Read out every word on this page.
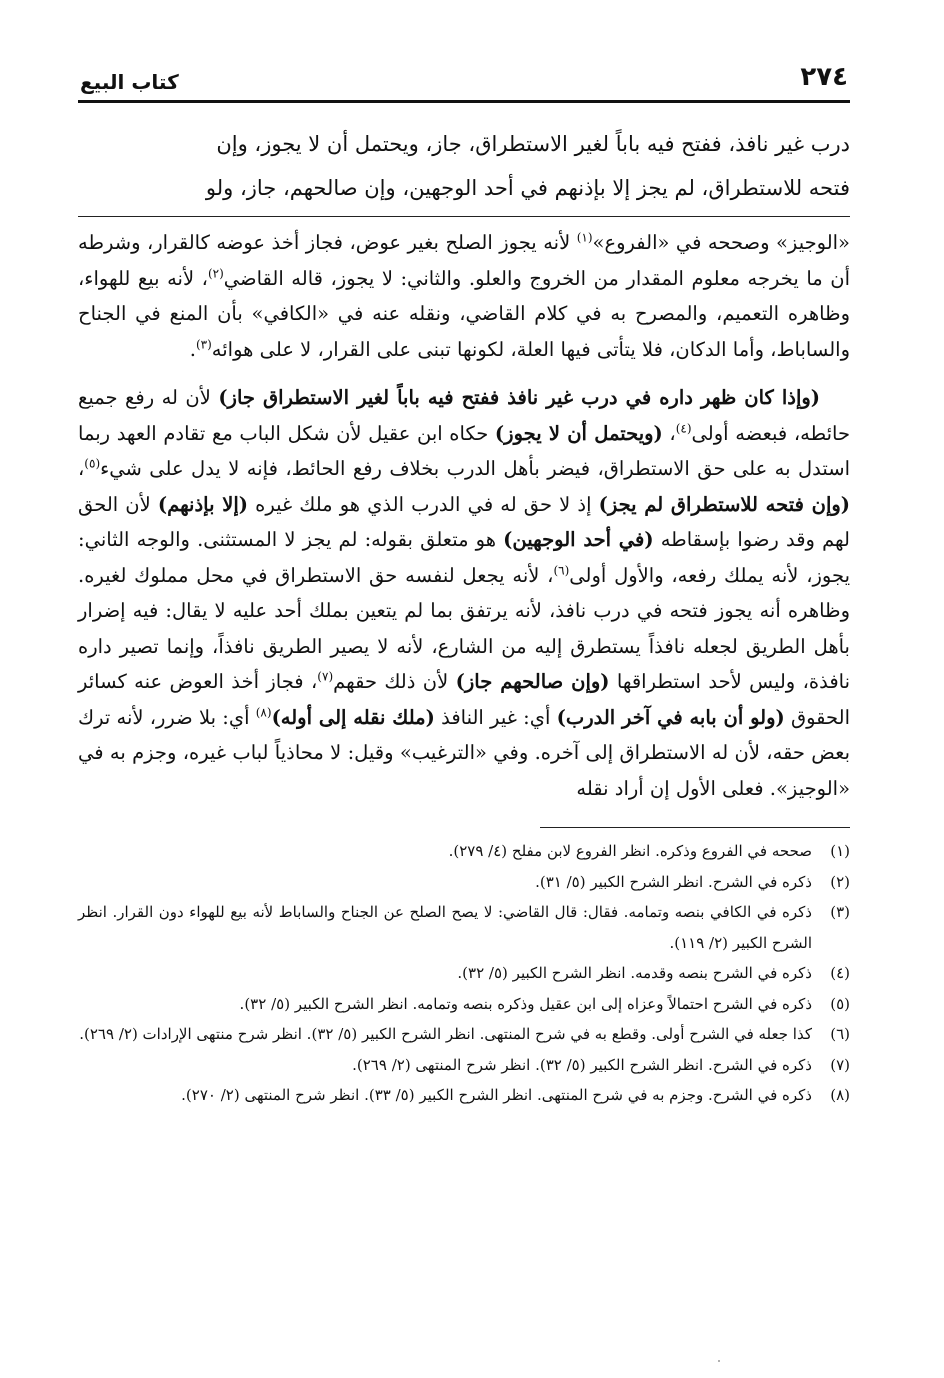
٢٧٤
كتاب البيع

درب غير نافذ، ففتح فيه باباً لغير الاستطراق، جاز، ويحتمل أن لا يجوز، وإن

فتحه للاستطراق، لم يجز إلا بإذنهم في أحد الوجهين، وإن صالحهم، جاز، ولو

«الوجيز» وصححه في «الفروع»$^{(١)}$ لأنه يجوز الصلح بغير عوض، فجاز أخذ عوضه كالقرار، وشرطه أن ما يخرجه معلوم المقدار من الخروج والعلو. والثاني: لا يجوز، قاله القاضي$^{(٢)}$، لأنه بيع للهواء، وظاهره التعميم، والمصرح به في كلام القاضي، ونقله عنه في «الكافي» بأن المنع في الجناح والساباط، وأما الدكان، فلا يتأتى فيها العلة، لكونها تبنى على القرار، لا على هوائه$^{(٣)}$.

(وإذا كان ظهر داره في درب غير نافذ ففتح فيه باباً لغير الاستطراق جاز) لأن له رفع جميع حائطه، فبعضه أولى$^{(٤)}$، (ويحتمل أن لا يجوز) حكاه ابن عقيل لأن شكل الباب مع تقادم العهد ربما استدل به على حق الاستطراق، فيضر بأهل الدرب بخلاف رفع الحائط، فإنه لا يدل على شيء$^{(٥)}$، (وإن فتحه للاستطراق لم يجز) إذ لا حق له في الدرب الذي هو ملك غيره (إلا بإذنهم) لأن الحق لهم وقد رضوا بإسقاطه (في أحد الوجهين) هو متعلق بقوله: لم يجز لا المستثنى. والوجه الثاني: يجوز، لأنه يملك رفعه، والأول أولى$^{(٦)}$، لأنه يجعل لنفسه حق الاستطراق في محل مملوك لغيره. وظاهره أنه يجوز فتحه في درب نافذ، لأنه يرتفق بما لم يتعين بملك أحد عليه لا يقال: فيه إضرار بأهل الطريق لجعله نافذاً يستطرق إليه من الشارع، لأنه لا يصير الطريق نافذاً، وإنما تصير داره نافذة، وليس لأحد استطراقها (وإن صالحهم جاز) لأن ذلك حقهم$^{(٧)}$، فجاز أخذ العوض عنه كسائر الحقوق (ولو أن بابه في آخر الدرب) أي: غير النافذ (ملك نقله إلى أوله)$^{(٨)}$ أي: بلا ضرر، لأنه ترك بعض حقه، لأن له الاستطراق إلى آخره. وفي «الترغيب» وقيل: لا محاذياً لباب غيره، وجزم به في «الوجيز». فعلى الأول إن أراد نقله

(١)
صححه في الفروع وذكره. انظر الفروع لابن مفلح (٤/ ٢٧٩).
(٢)
ذكره في الشرح. انظر الشرح الكبير (٥/ ٣١).
(٣)
ذكره في الكافي بنصه وتمامه. فقال: قال القاضي: لا يصح الصلح عن الجناح والساباط لأنه بيع للهواء دون القرار. انظر الشرح الكبير (٢/ ١١٩).
(٤)
ذكره في الشرح بنصه وقدمه. انظر الشرح الكبير (٥/ ٣٢).
(٥)
ذكره في الشرح احتمالاً وعزاه إلى ابن عقيل وذكره بنصه وتمامه. انظر الشرح الكبير (٥/ ٣٢).
(٦)
كذا جعله في الشرح أولى. وقطع به في شرح المنتهى. انظر الشرح الكبير (٥/ ٣٢). انظر شرح منتهى الإرادات (٢/ ٢٦٩).
(٧)
ذكره في الشرح. انظر الشرح الكبير (٥/ ٣٢). انظر شرح المنتهى (٢/ ٢٦٩).
(٨)
ذكره في الشرح. وجزم به في شرح المنتهى. انظر الشرح الكبير (٥/ ٣٣). انظر شرح المنتهى (٢/ ٢٧٠).
